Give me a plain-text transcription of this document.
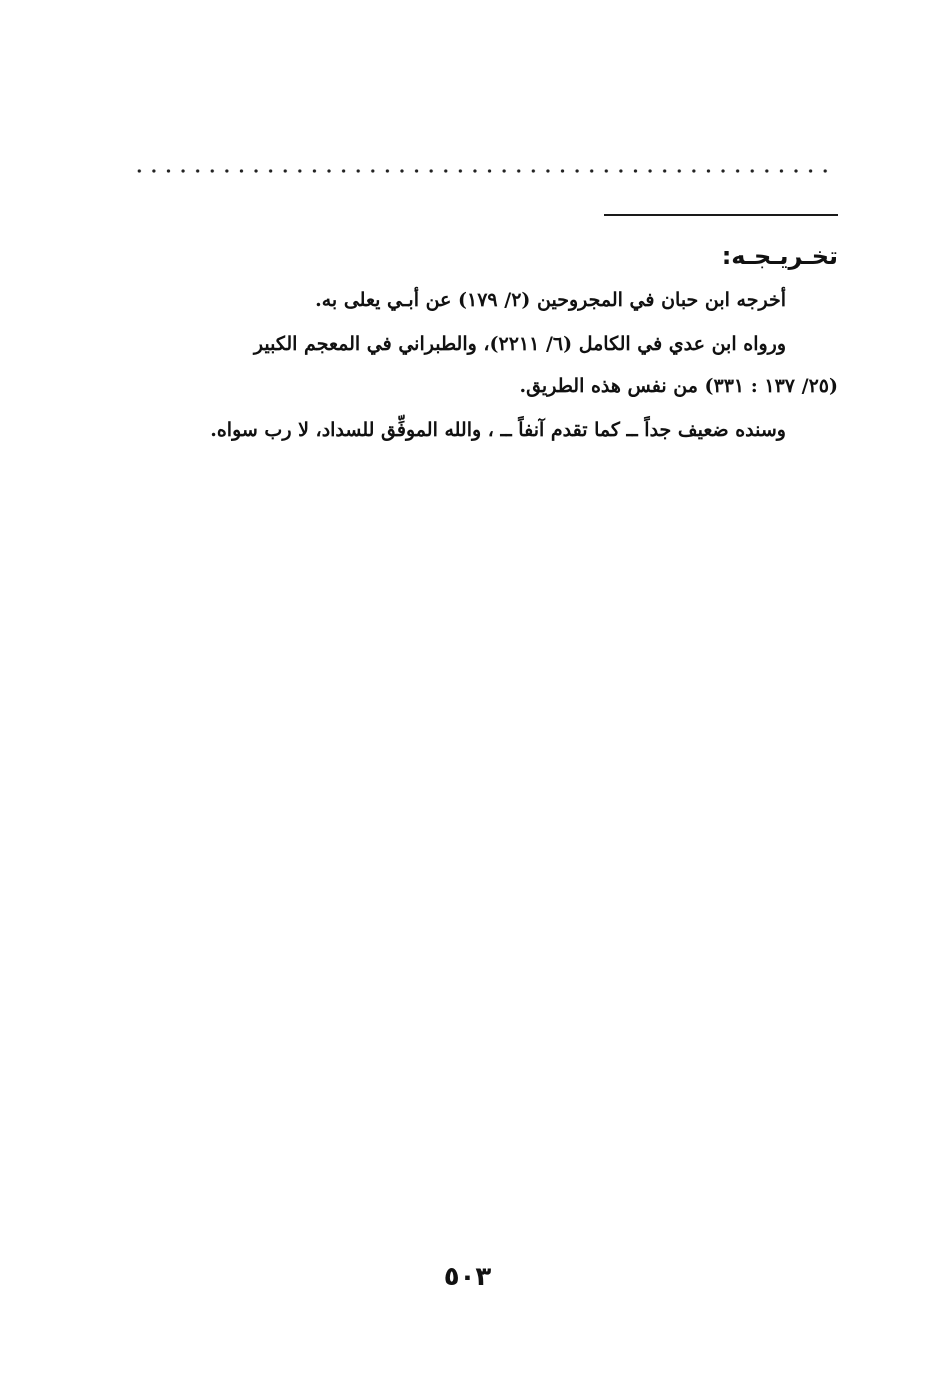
تخـريـجـه:

أخرجه ابن حبان في المجروحين (٢/ ١٧٩) عن أبـي يعلى به.

ورواه ابن عدي في الكامل (٦/ ٢٢١١)، والطبراني في المعجم الكبير

(٢٥/ ١٣٧ : ٣٣١) من نفس هذه الطريق.

وسنده ضعيف جداً ــ كما تقدم آنفاً ــ ، والله الموفِّق للسداد، لا رب سواه.

٥٠٣
